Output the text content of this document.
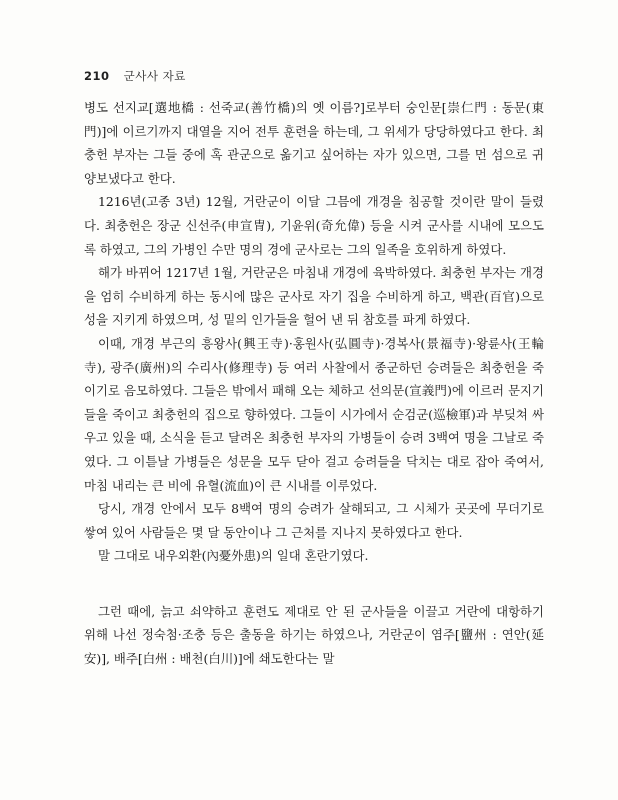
210 군사사 자료

병도 선지교[選地橋 : 선죽교(善竹橋)의 옛 이름?]로부터 숭인문[崇仁門 : 동문(東門)]에 이르기까지 대열을 지어 전투 훈련을 하는데, 그 위세가 당당하였다고 한다. 최충헌 부자는 그들 중에 혹 관군으로 옮기고 싶어하는 자가 있으면, 그를 먼 섬으로 귀양보냈다고 한다.

1216년(고종 3년) 12월, 거란군이 이달 그믐에 개경을 침공할 것이란 말이 들렸다. 최충헌은 장군 신선주(申宣冑), 기윤위(奇允偉) 등을 시켜 군사를 시내에 모으도록 하였고, 그의 가병인 수만 명의 경에 군사로는 그의 일족을 호위하게 하였다.

해가 바뀌어 1217년 1월, 거란군은 마침내 개경에 육박하였다. 최충헌 부자는 개경을 엄히 수비하게 하는 동시에 많은 군사로 자기 집을 수비하게 하고, 백관(百官)으로 성을 지키게 하였으며, 성 밑의 인가들을 헐어 낸 뒤 참호를 파게 하였다.

이때, 개경 부근의 흥왕사(興王寺)·홍원사(弘圓寺)·경복사(景福寺)·왕륜사(王輪寺), 광주(廣州)의 수리사(修理寺) 등 여러 사찰에서 종군하던 승려들은 최충헌을 죽이기로 음모하였다. 그들은 밖에서 패해 오는 체하고 선의문(宣義門)에 이르러 문지기들을 죽이고 최충헌의 집으로 향하였다. 그들이 시가에서 순검군(巡檢軍)과 부딪쳐 싸우고 있을 때, 소식을 듣고 달려온 최충헌 부자의 가병들이 승려 3백여 명을 그날로 죽였다. 그 이튿날 가병들은 성문을 모두 닫아 걸고 승려들을 닥치는 대로 잡아 죽여서, 마침 내리는 큰 비에 유혈(流血)이 큰 시내를 이루었다.

당시, 개경 안에서 모두 8백여 명의 승려가 살해되고, 그 시체가 곳곳에 무더기로 쌓여 있어 사람들은 몇 달 동안이나 그 근처를 지나지 못하였다고 한다.

말 그대로 내우외환(內憂外患)의 일대 혼란기였다.

그런 때에, 늙고 쇠약하고 훈련도 제대로 안 된 군사들을 이끌고 거란에 대항하기 위해 나선 정숙첨·조충 등은 출동을 하기는 하였으나, 거란군이 염주[鹽州 : 연안(延安)], 배주[白州 : 배천(白川)]에 쇄도한다는 말
